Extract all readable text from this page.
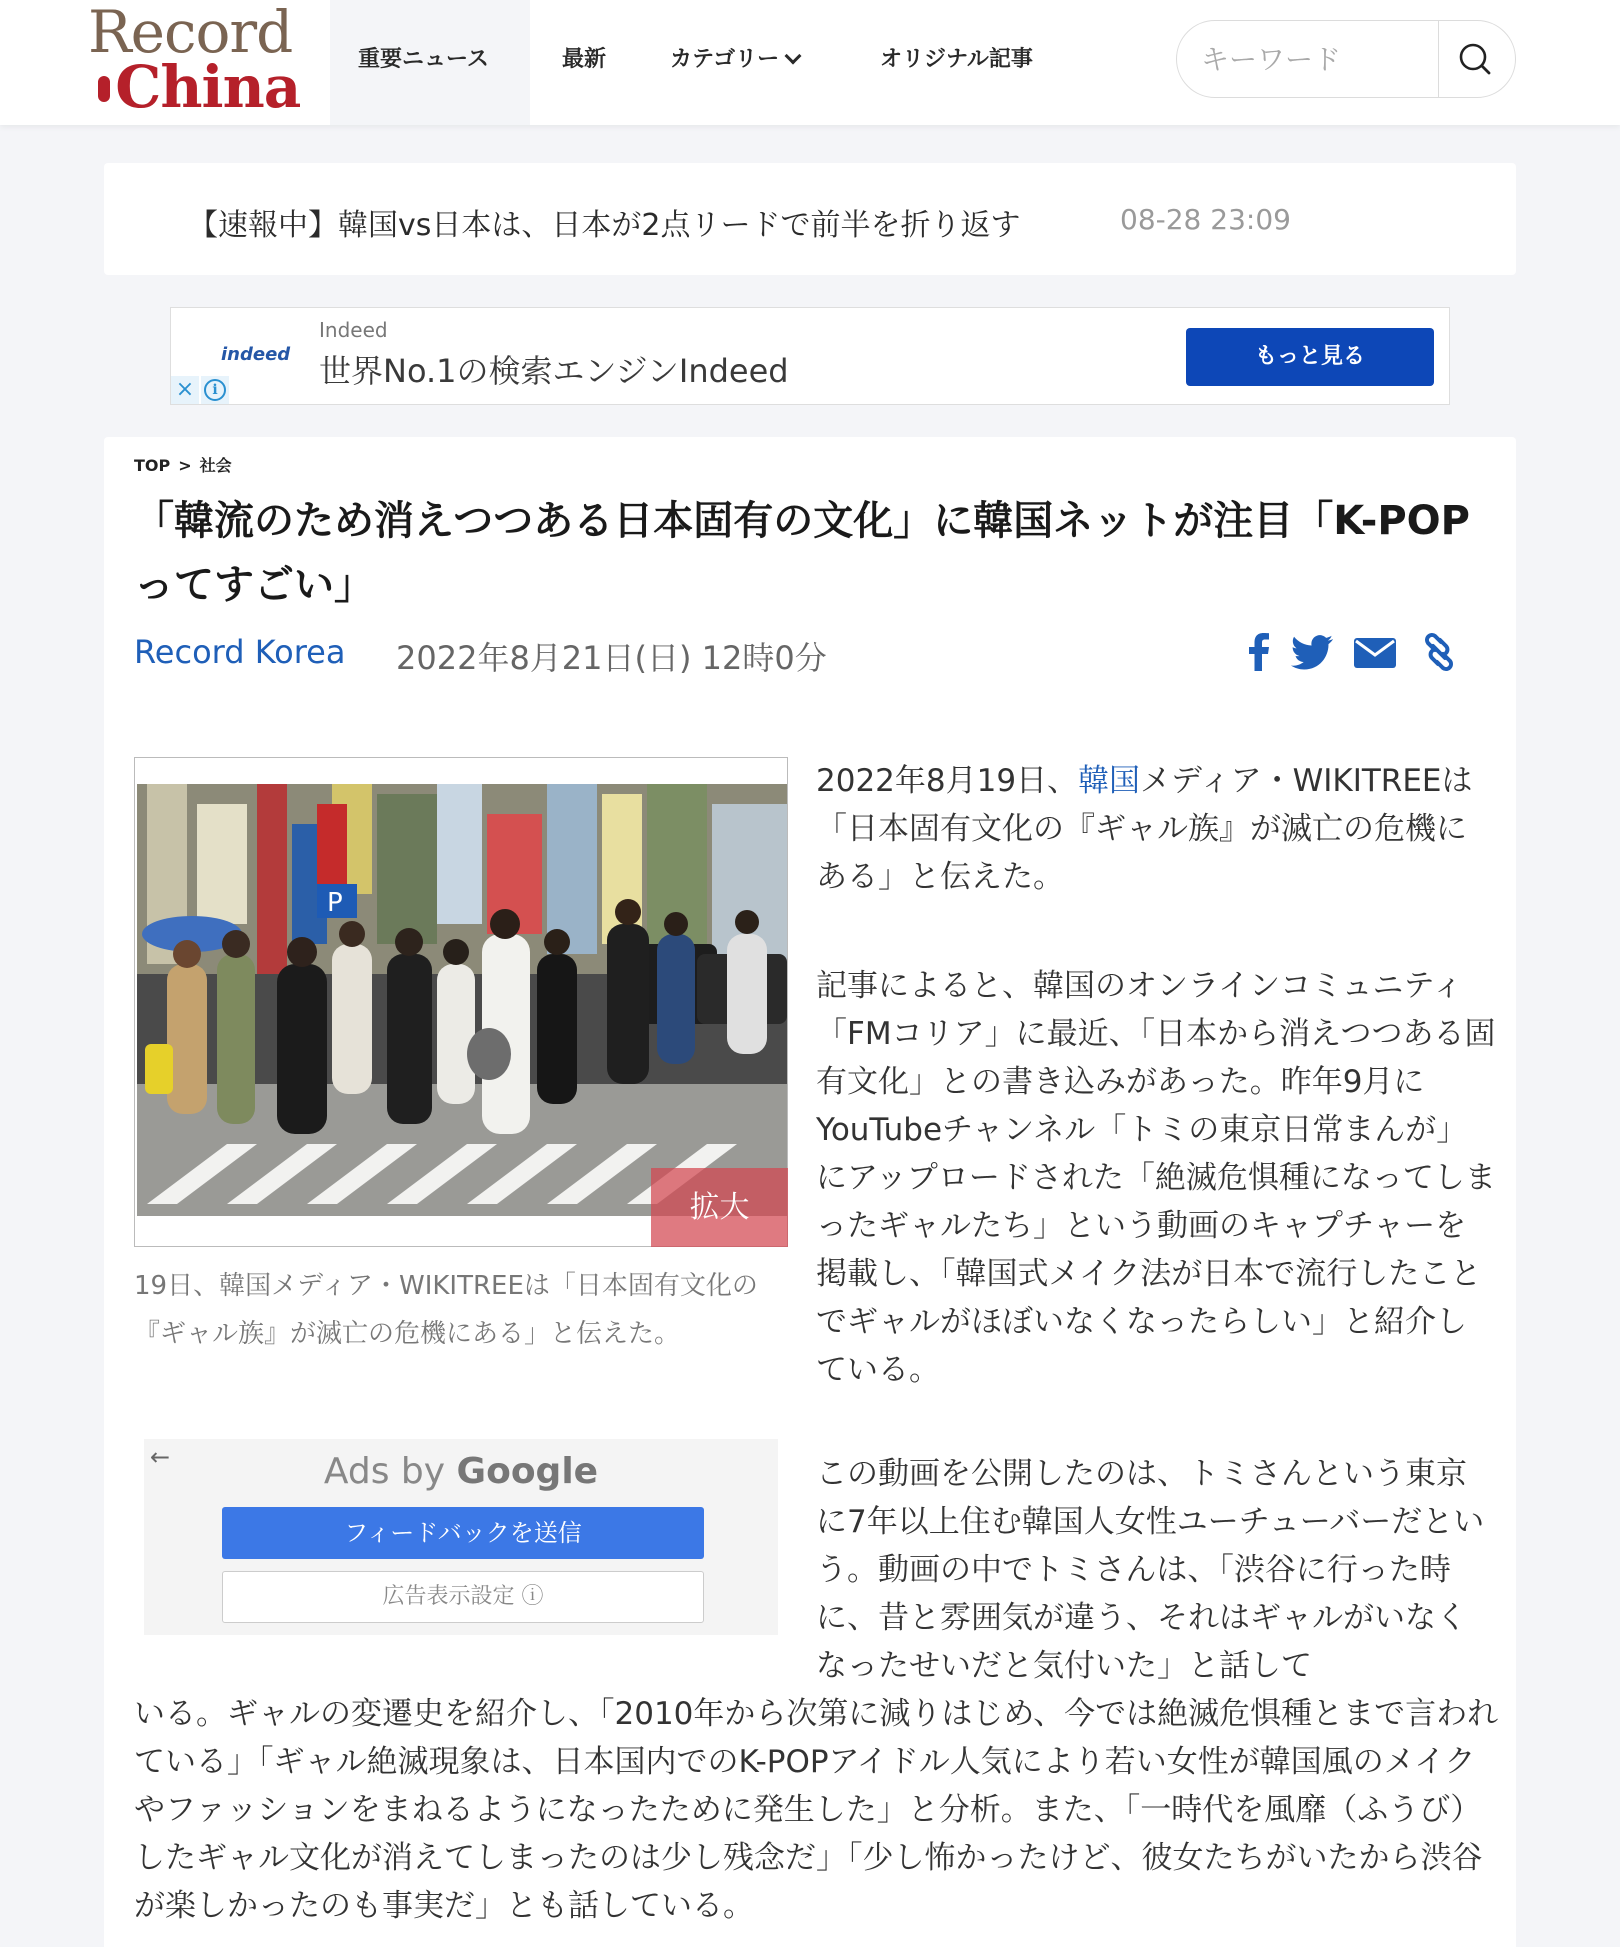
Record
China	重要ニュース	最新	カテゴリー	オリジナル記事
キーワード
【速報中】韓国vs日本は、日本が2点リードで前半を折り返す	08-28 23:09
indeed
Indeed
世界No.1の検索エンジンIndeed	もっと見る
×	i
TOP > 社会
「韓流のため消えつつある日本固有の文化」に韓国ネットが注目「K-POPってすごい」
Record Korea 2022年8月21日(日) 12時0分
P
拡大
19日、韓国メディア・WIKITREEは「日本固有文化の『ギャル族』が滅亡の危機にある」と伝えた。
←	Ads by Google
フィードバックを送信
広告表示設定 ⓘ

2022年8月19日、韓国メディア・WIKITREEは「日本固有文化の『ギャル族』が滅亡の危機にある」と伝えた。

記事によると、韓国のオンラインコミュニティ「FMコリア」に最近、「日本から消えつつある固有文化」との書き込みがあった。昨年9月にYouTubeチャンネル「トミの東京日常まんが」にアップロードされた「絶滅危惧種になってしまったギャルたち」という動画のキャプチャーを掲載し、「韓国式メイク法が日本で流行したことでギャルがほぼいなくなったらしい」と紹介している。

この動画を公開したのは、トミさんという東京に7年以上住む韓国人女性ユーチューバーだという。動画の中でトミさんは、「渋谷に行った時に、昔と雰囲気が違う、それはギャルがいなくなったせいだと気付いた」と話して

いる。ギャルの変遷史を紹介し、「2010年から次第に減りはじめ、今では絶滅危惧種とまで言われている」「ギャル絶滅現象は、日本国内でのK-POPアイドル人気により若い女性が韓国風のメイクやファッションをまねるようになったために発生した」と分析。また、「一時代を風靡（ふうび）したギャル文化が消えてしまったのは少し残念だ」「少し怖かったけど、彼女たちがいたから渋谷が楽しかったのも事実だ」とも話している。
